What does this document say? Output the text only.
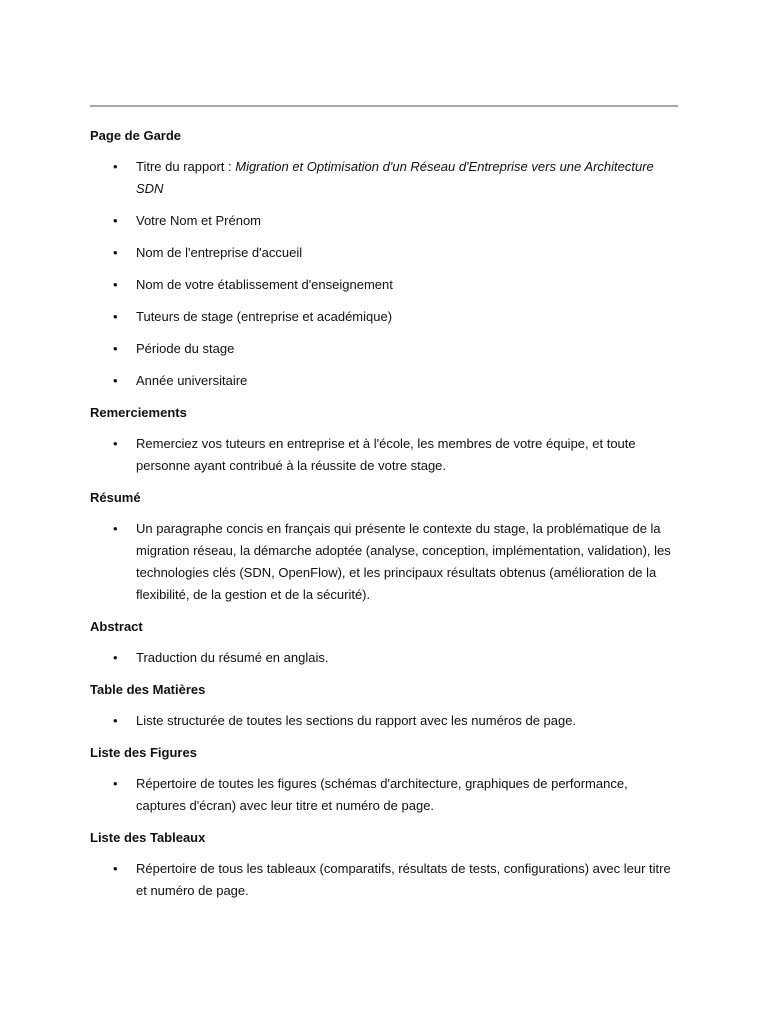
Page de Garde
• Titre du rapport : Migration et Optimisation d'un Réseau d'Entreprise vers une Architecture SDN
• Votre Nom et Prénom
• Nom de l'entreprise d'accueil
• Nom de votre établissement d'enseignement
• Tuteurs de stage (entreprise et académique)
• Période du stage
• Année universitaire
Remerciements
• Remerciez vos tuteurs en entreprise et à l'école, les membres de votre équipe, et toute personne ayant contribué à la réussite de votre stage.
Résumé
• Un paragraphe concis en français qui présente le contexte du stage, la problématique de la migration réseau, la démarche adoptée (analyse, conception, implémentation, validation), les technologies clés (SDN, OpenFlow), et les principaux résultats obtenus (amélioration de la flexibilité, de la gestion et de la sécurité).
Abstract
• Traduction du résumé en anglais.
Table des Matières
• Liste structurée de toutes les sections du rapport avec les numéros de page.
Liste des Figures
• Répertoire de toutes les figures (schémas d'architecture, graphiques de performance, captures d'écran) avec leur titre et numéro de page.
Liste des Tableaux
• Répertoire de tous les tableaux (comparatifs, résultats de tests, configurations) avec leur titre et numéro de page.
